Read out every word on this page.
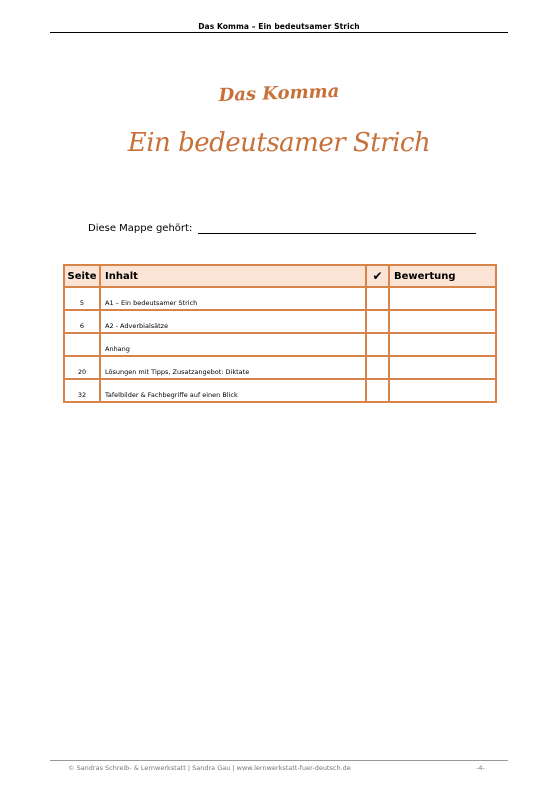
Das Komma – Ein bedeutsamer Strich
Das Komma
Ein bedeutsamer Strich
Diese Mappe gehört:
Seite	Inhalt	✔	Bewertung
5	A1 – Ein bedeutsamer Strich		
6	A2 - Adverbialsätze		
	Anhang		
20	Lösungen mit Tipps, Zusatzangebot: Diktate		
32	Tafelbilder & Fachbegriffe auf einen Blick		
© Sandras Schreib- & Lernwerkstatt | Sandra Gau | www.lernwerkstatt-fuer-deutsch.de	-4-
